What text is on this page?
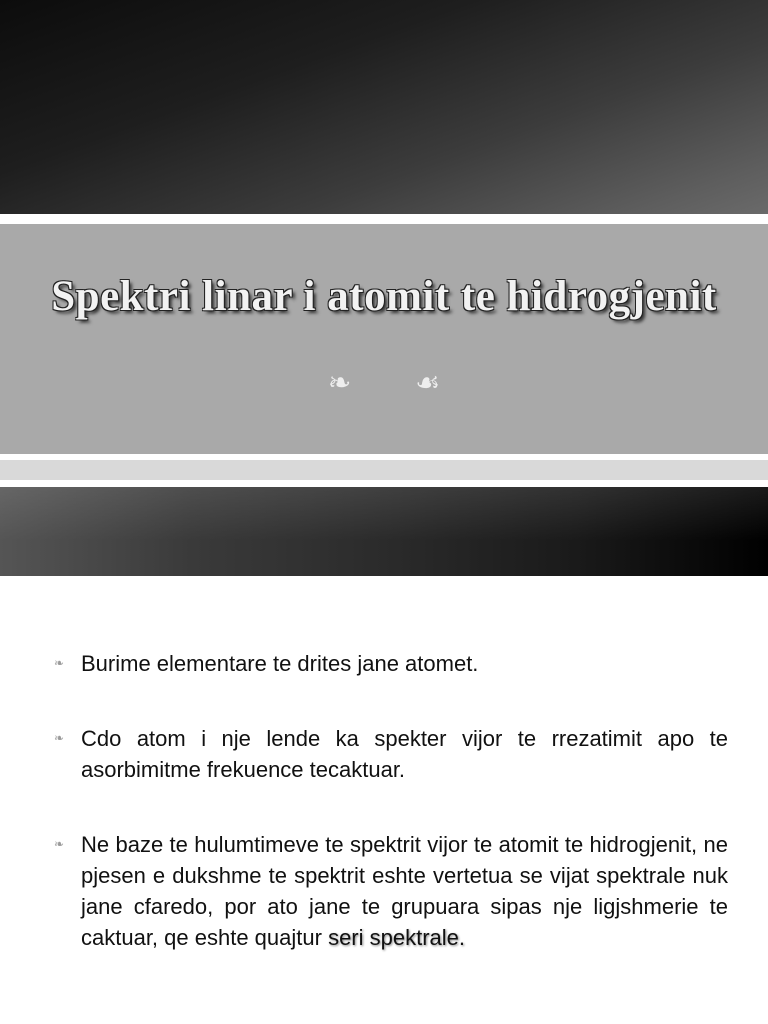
Spektri linar i atomit te hidrogjenit
❧ ☙
❧ Burime elementare te drites jane atomet.
❧ Cdo atom i nje lende ka spekter vijor te rrezatimit apo te asorbimitme frekuence tecaktuar.
❧ Ne baze te hulumtimeve te spektrit vijor te atomit te hidrogjenit, ne pjesen e dukshme te spektrit eshte vertetua se vijat spektrale nuk jane cfaredo, por ato jane te grupuara sipas nje ligjshmerie te caktuar, qe eshte quajtur seri spektrale.
